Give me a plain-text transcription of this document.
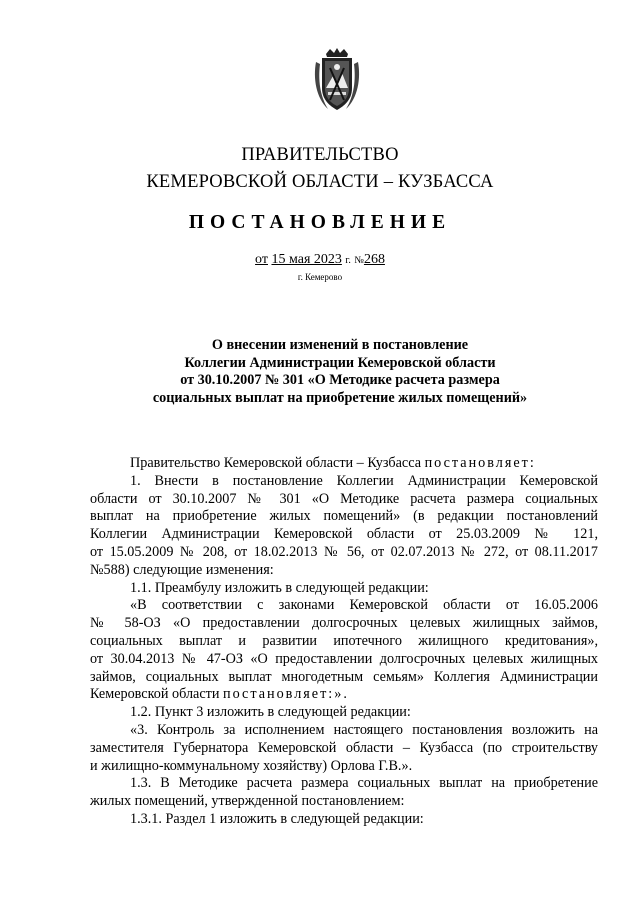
ПРАВИТЕЛЬСТВО
КЕМЕРОВСКОЙ ОБЛАСТИ – КУЗБАССА
ПОСТАНОВЛЕНИЕ
от 15 мая 2023 г. №268
г. Кемерово
О внесении изменений в постановление
Коллегии Администрации Кемеровской области
от 30.10.2007 № 301 «О Методике расчета размера
социальных выплат на приобретение жилых помещений»
Правительство Кемеровской области – Кузбасса постановляет:
1. Внести в постановление Коллегии Администрации Кемеровской
области от 30.10.2007 № 301 «О Методике расчета размера социальных
выплат на приобретение жилых помещений» (в редакции постановлений
Коллегии Администрации Кемеровской области от 25.03.2009 № 121,
от 15.05.2009 № 208, от 18.02.2013 № 56, от 02.07.2013 № 272, от 08.11.2017
№588) следующие изменения:
1.1. Преамбулу изложить в следующей редакции:
«В соответствии с законами Кемеровской области от 16.05.2006
№ 58-ОЗ «О предоставлении долгосрочных целевых жилищных займов,
социальных выплат и развитии ипотечного жилищного кредитования»,
от 30.04.2013 № 47-ОЗ «О предоставлении долгосрочных целевых жилищных
займов, социальных выплат многодетным семьям» Коллегия Администрации
Кемеровской области постановляет:».
1.2. Пункт 3 изложить в следующей редакции:
«3. Контроль за исполнением настоящего постановления возложить на
заместителя Губернатора Кемеровской области – Кузбасса (по строительству
и жилищно-коммунальному хозяйству) Орлова Г.В.».
1.3. В Методике расчета размера социальных выплат на приобретение
жилых помещений, утвержденной постановлением:
1.3.1. Раздел 1 изложить в следующей редакции:
